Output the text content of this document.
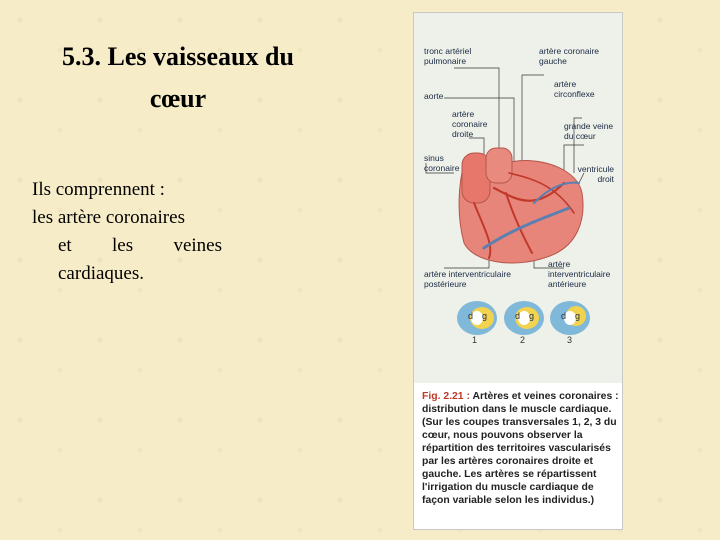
5.3. Les vaisseaux du
cœur
Ils comprennent :
les artère coronaires
et les veines
cardiaques.
tronc artériel
pulmonaire
artère coronaire
gauche
artère
circonflexe
aorte
artère
coronaire
droite
grande veine
du cœur
sinus
coronaire	ventricule
droit
artère interventriculaire
postérieure
artère
interventriculaire
antérieure
d g	d g	d g
1	2	3
Fig. 2.21 : Artères et veines coronaires : distribution dans le muscle cardiaque. (Sur les coupes transversales 1, 2, 3 du cœur, nous pouvons observer la répartition des territoires vascularisés par les artères coronaires droite et gauche. Les artères se répartissent l'irrigation du muscle cardiaque de façon variable selon les individus.)
